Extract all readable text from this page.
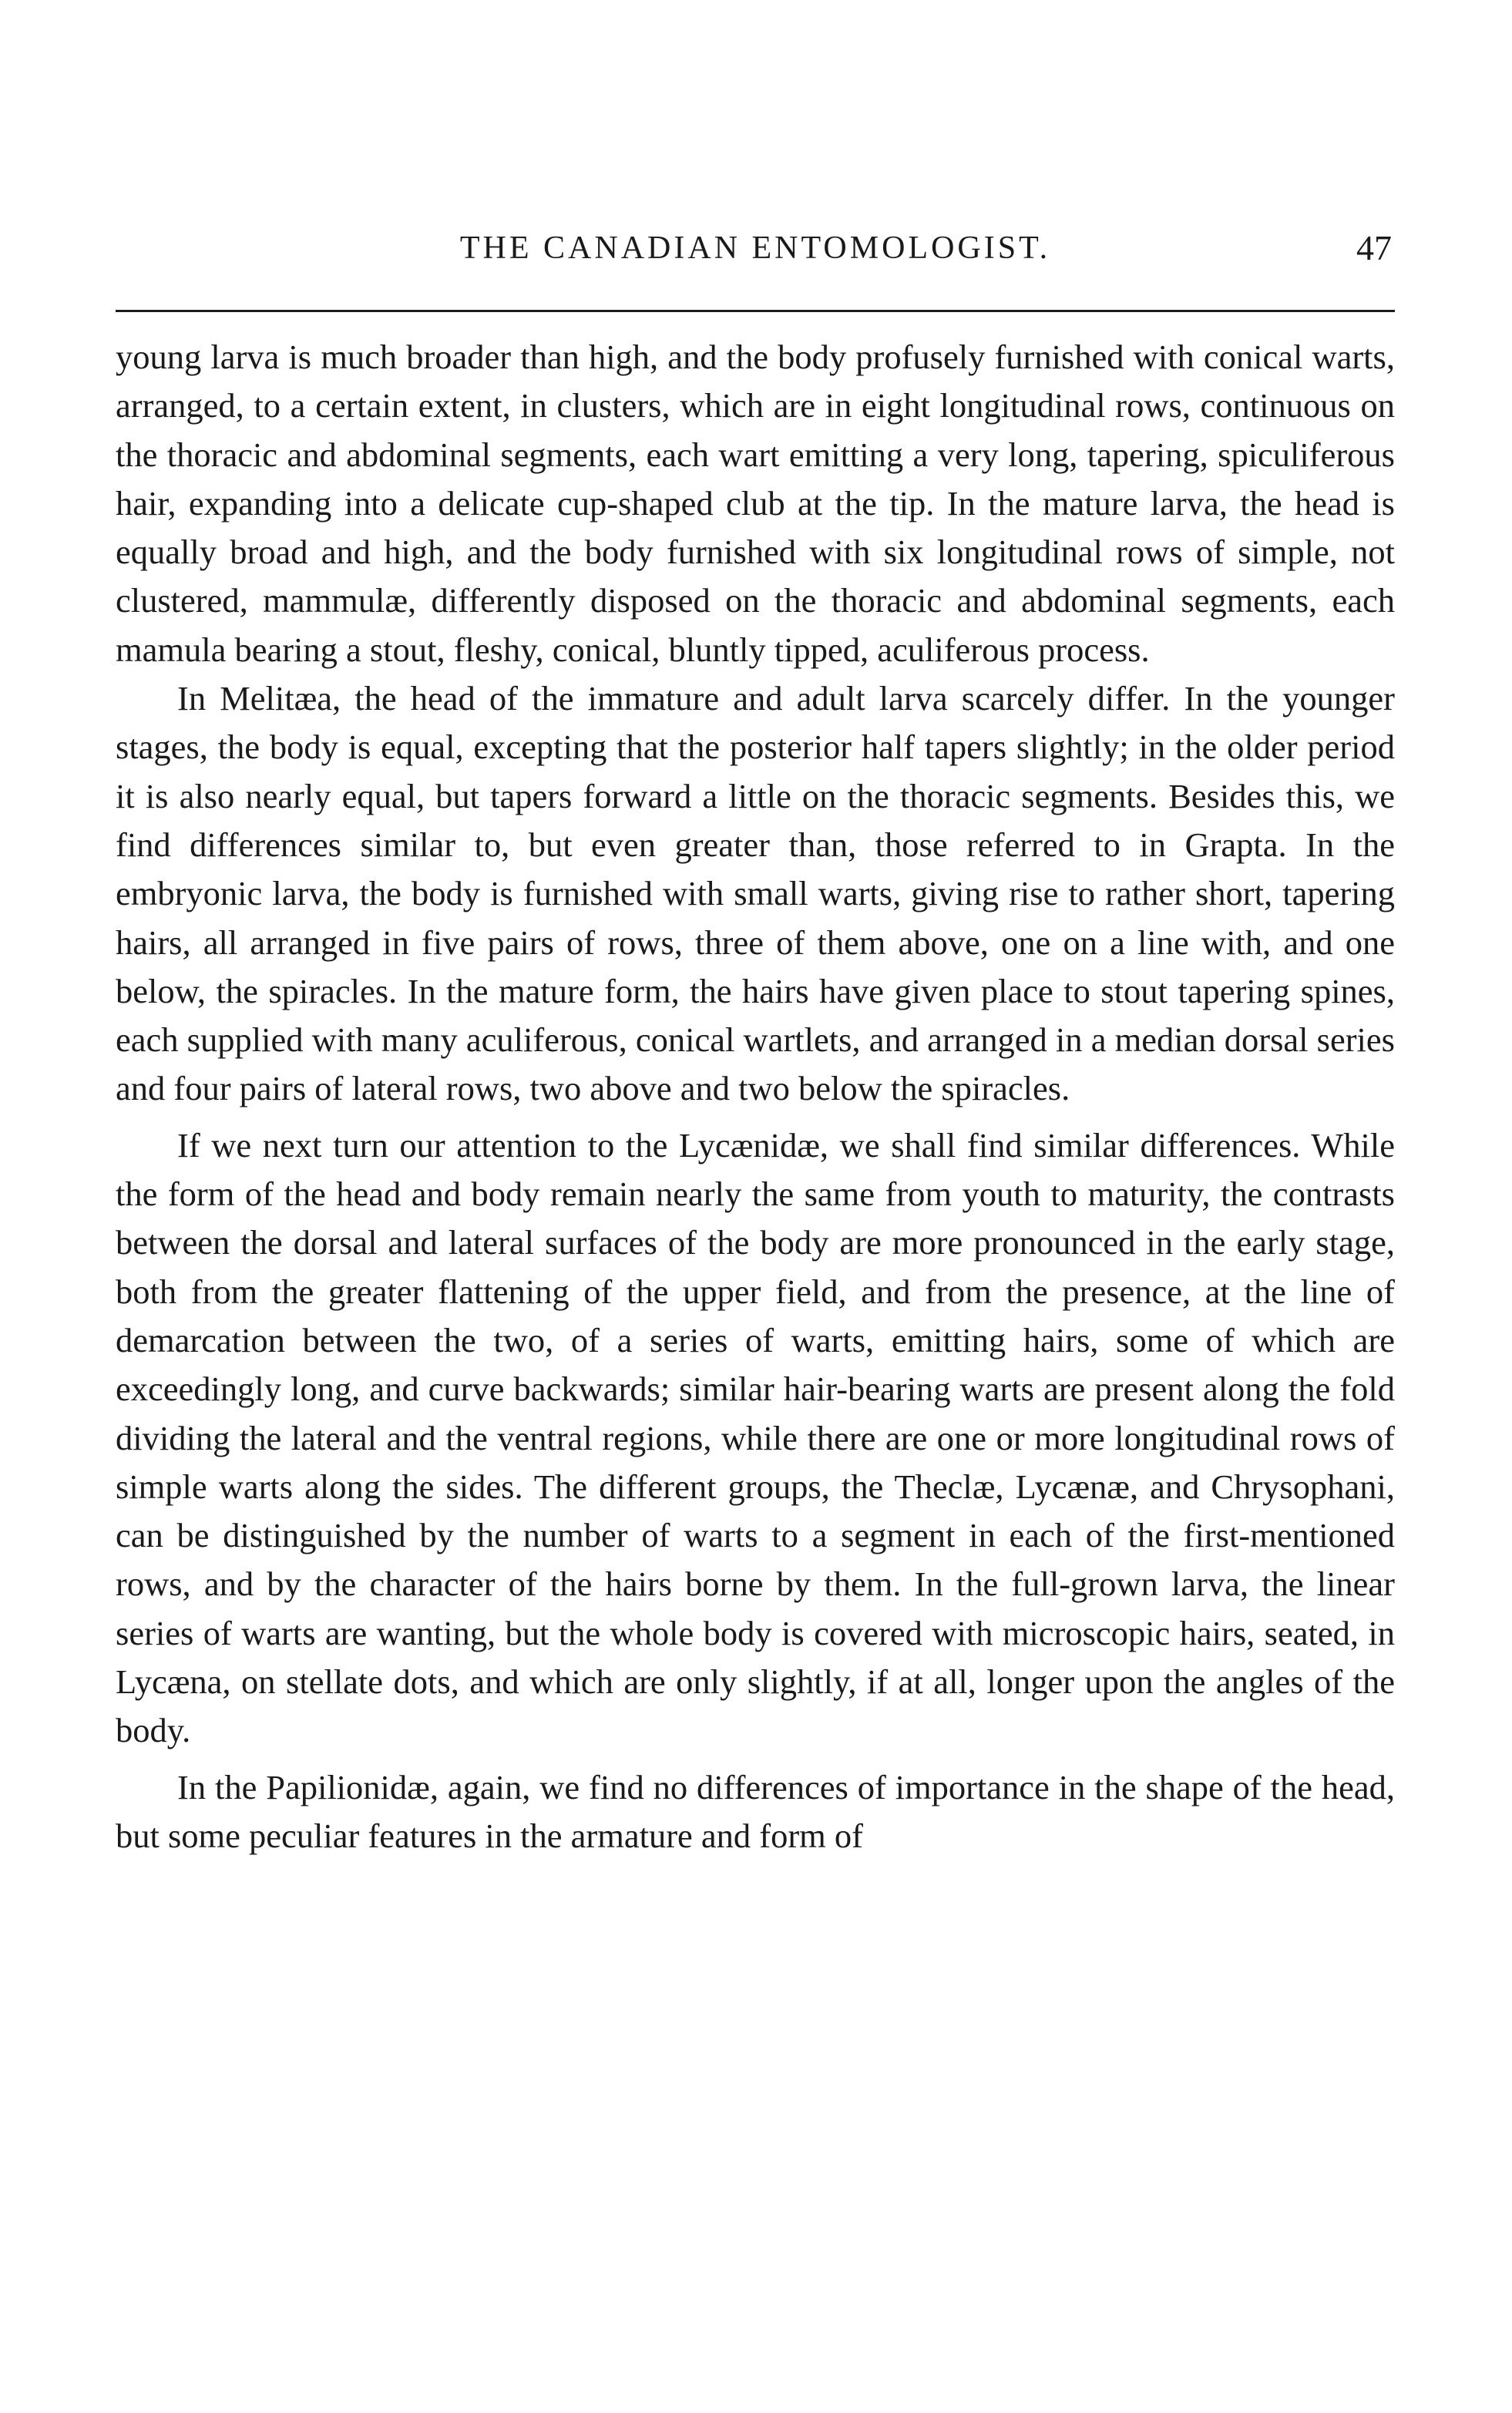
THE CANADIAN ENTOMOLOGIST.	47

young larva is much broader than high, and the body profusely furnished with conical warts, arranged, to a certain extent, in clusters, which are in eight longitudinal rows, continuous on the thoracic and abdominal segments, each wart emitting a very long, tapering, spiculiferous hair, expanding into a delicate cup-shaped club at the tip. In the mature larva, the head is equally broad and high, and the body furnished with six longitudinal rows of simple, not clustered, mammulæ, differently disposed on the thoracic and abdominal segments, each mamula bearing a stout, fleshy, conical, bluntly tipped, aculiferous process.

In Melitæa, the head of the immature and adult larva scarcely differ. In the younger stages, the body is equal, excepting that the posterior half tapers slightly; in the older period it is also nearly equal, but tapers forward a little on the thoracic segments. Besides this, we find differences similar to, but even greater than, those referred to in Grapta. In the embryonic larva, the body is furnished with small warts, giving rise to rather short, tapering hairs, all arranged in five pairs of rows, three of them above, one on a line with, and one below, the spiracles. In the mature form, the hairs have given place to stout tapering spines, each supplied with many aculiferous, conical wartlets, and arranged in a median dorsal series and four pairs of lateral rows, two above and two below the spiracles.

If we next turn our attention to the Lycænidæ, we shall find similar differences. While the form of the head and body remain nearly the same from youth to maturity, the contrasts between the dorsal and lateral surfaces of the body are more pronounced in the early stage, both from the greater flattening of the upper field, and from the presence, at the line of demarcation between the two, of a series of warts, emitting hairs, some of which are exceedingly long, and curve backwards; similar hair-bearing warts are present along the fold dividing the lateral and the ventral regions, while there are one or more longitudinal rows of simple warts along the sides. The different groups, the Theclæ, Lycænæ, and Chrysophani, can be distinguished by the number of warts to a segment in each of the first-mentioned rows, and by the character of the hairs borne by them. In the full-grown larva, the linear series of warts are wanting, but the whole body is covered with microscopic hairs, seated, in Lycæna, on stellate dots, and which are only slightly, if at all, longer upon the angles of the body.

In the Papilionidæ, again, we find no differences of importance in the shape of the head, but some peculiar features in the armature and form of
